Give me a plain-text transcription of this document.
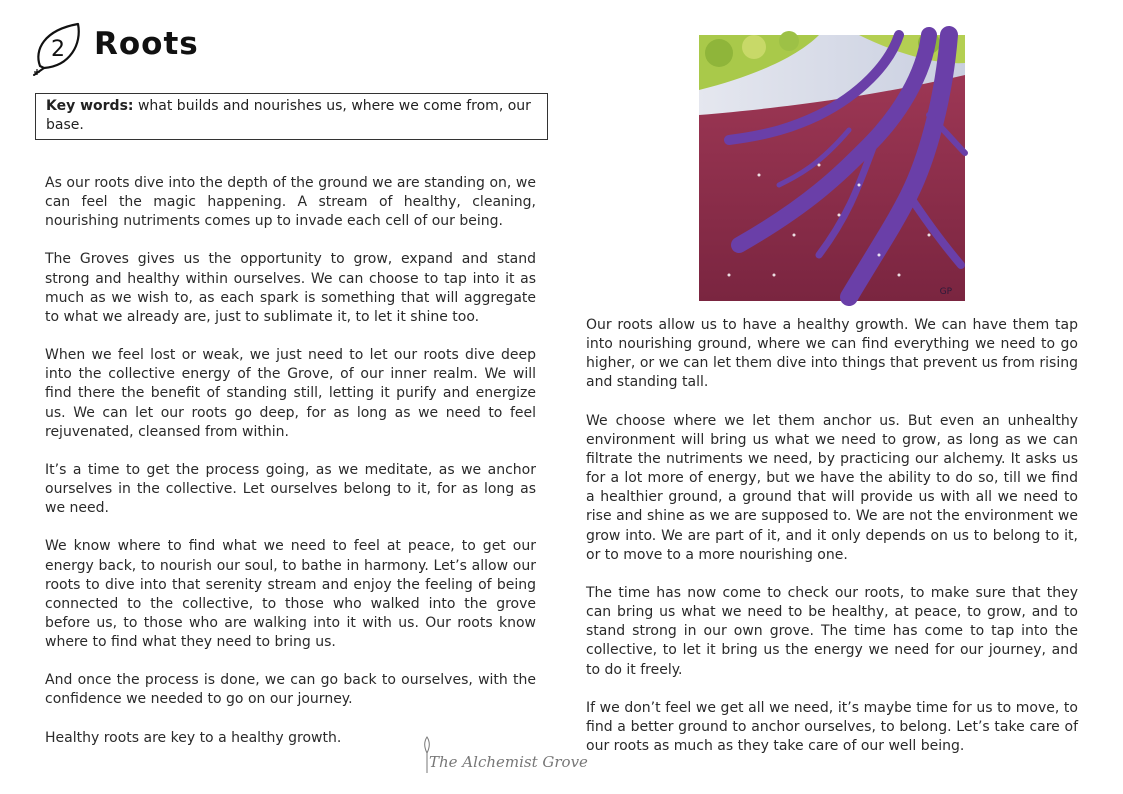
2 Roots
Key words: what builds and nourishes us, where we come from, our base.

As our roots dive into the depth of the ground we are standing on, we can feel the magic happening. A stream of healthy, cleaning, nourishing nutriments comes up to invade each cell of our being.

The Groves gives us the opportunity to grow, expand and stand strong and healthy within ourselves. We can choose to tap into it as much as we wish to, as each spark is something that will aggregate to what we already are, just to sublimate it, to let it shine too.

When we feel lost or weak, we just need to let our roots dive deep into the collective energy of the Grove, of our inner realm. We will find there the benefit of standing still, letting it purify and energize us. We can let our roots go deep, for as long as we need to feel rejuvenated, cleansed from within.

It’s a time to get the process going, as we meditate, as we anchor ourselves in the collective. Let ourselves belong to it, for as long as we need.

We know where to find what we need to feel at peace, to get our energy back, to nourish our soul, to bathe in harmony. Let’s allow our roots to dive into that serenity stream and enjoy the feeling of being connected to the collective, to those who walked into the grove before us, to those who are walking into it with us. Our roots know where to find what they need to bring us.

And once the process is done, we can go back to ourselves, with the confidence we needed to go on our journey.

Healthy roots are key to a healthy growth.

GP

Our roots allow us to have a healthy growth. We can have them tap into nourishing ground, where we can find everything we need to go higher, or we can let them dive into things that prevent us from rising and standing tall.

We choose where we let them anchor us. But even an unhealthy environment will bring us what we need to grow, as long as we can filtrate the nutriments we need, by practicing our alchemy. It asks us for a lot more of energy, but we have the ability to do so, till we find a healthier ground, a ground that will provide us with all we need to rise and shine as we are supposed to. We are not the environment we grow into. We are part of it, and it only depends on us to belong to it, or to move to a more nourishing one.

The time has now come to check our roots, to make sure that they can bring us what we need to be healthy, at peace, to grow, and to stand strong in our own grove. The time has come to tap into the collective, to let it bring us the energy we need for our journey, and to do it freely.

If we don’t feel we get all we need, it’s maybe time for us to move, to find a better ground to anchor ourselves, to belong. Let’s take care of our roots as much as they take care of our well being.

The Alchemist Grove
